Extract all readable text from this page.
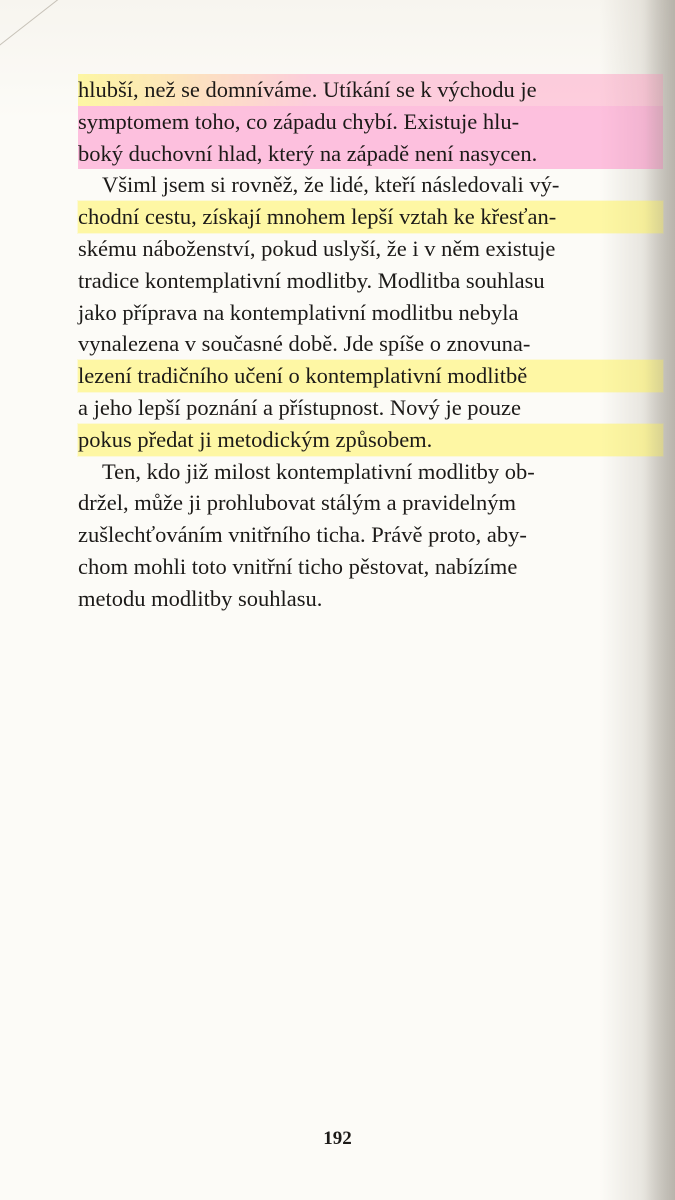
hlubší, než se domníváme. Utíkání se k východu je
symptomem toho, co západu chybí. Existuje hlu-
boký duchovní hlad, který na západě není nasycen.
Všiml jsem si rovněž, že lidé, kteří následovali vý-
chodní cestu, získají mnohem lepší vztah ke křesťan-
skému náboženství, pokud uslyší, že i v něm existuje
tradice kontemplativní modlitby. Modlitba souhlasu
jako příprava na kontemplativní modlitbu nebyla
vynalezena v současné době. Jde spíše o znovuna-
lezení tradičního učení o kontemplativní modlitbě
a jeho lepší poznání a přístupnost. Nový je pouze
pokus předat ji metodickým způsobem.
Ten, kdo již milost kontemplativní modlitby ob-
držel, může ji prohlubovat stálým a pravidelným
zušlechťováním vnitřního ticha. Právě proto, aby-
chom mohli toto vnitřní ticho pěstovat, nabízíme
metodu modlitby souhlasu.
192
